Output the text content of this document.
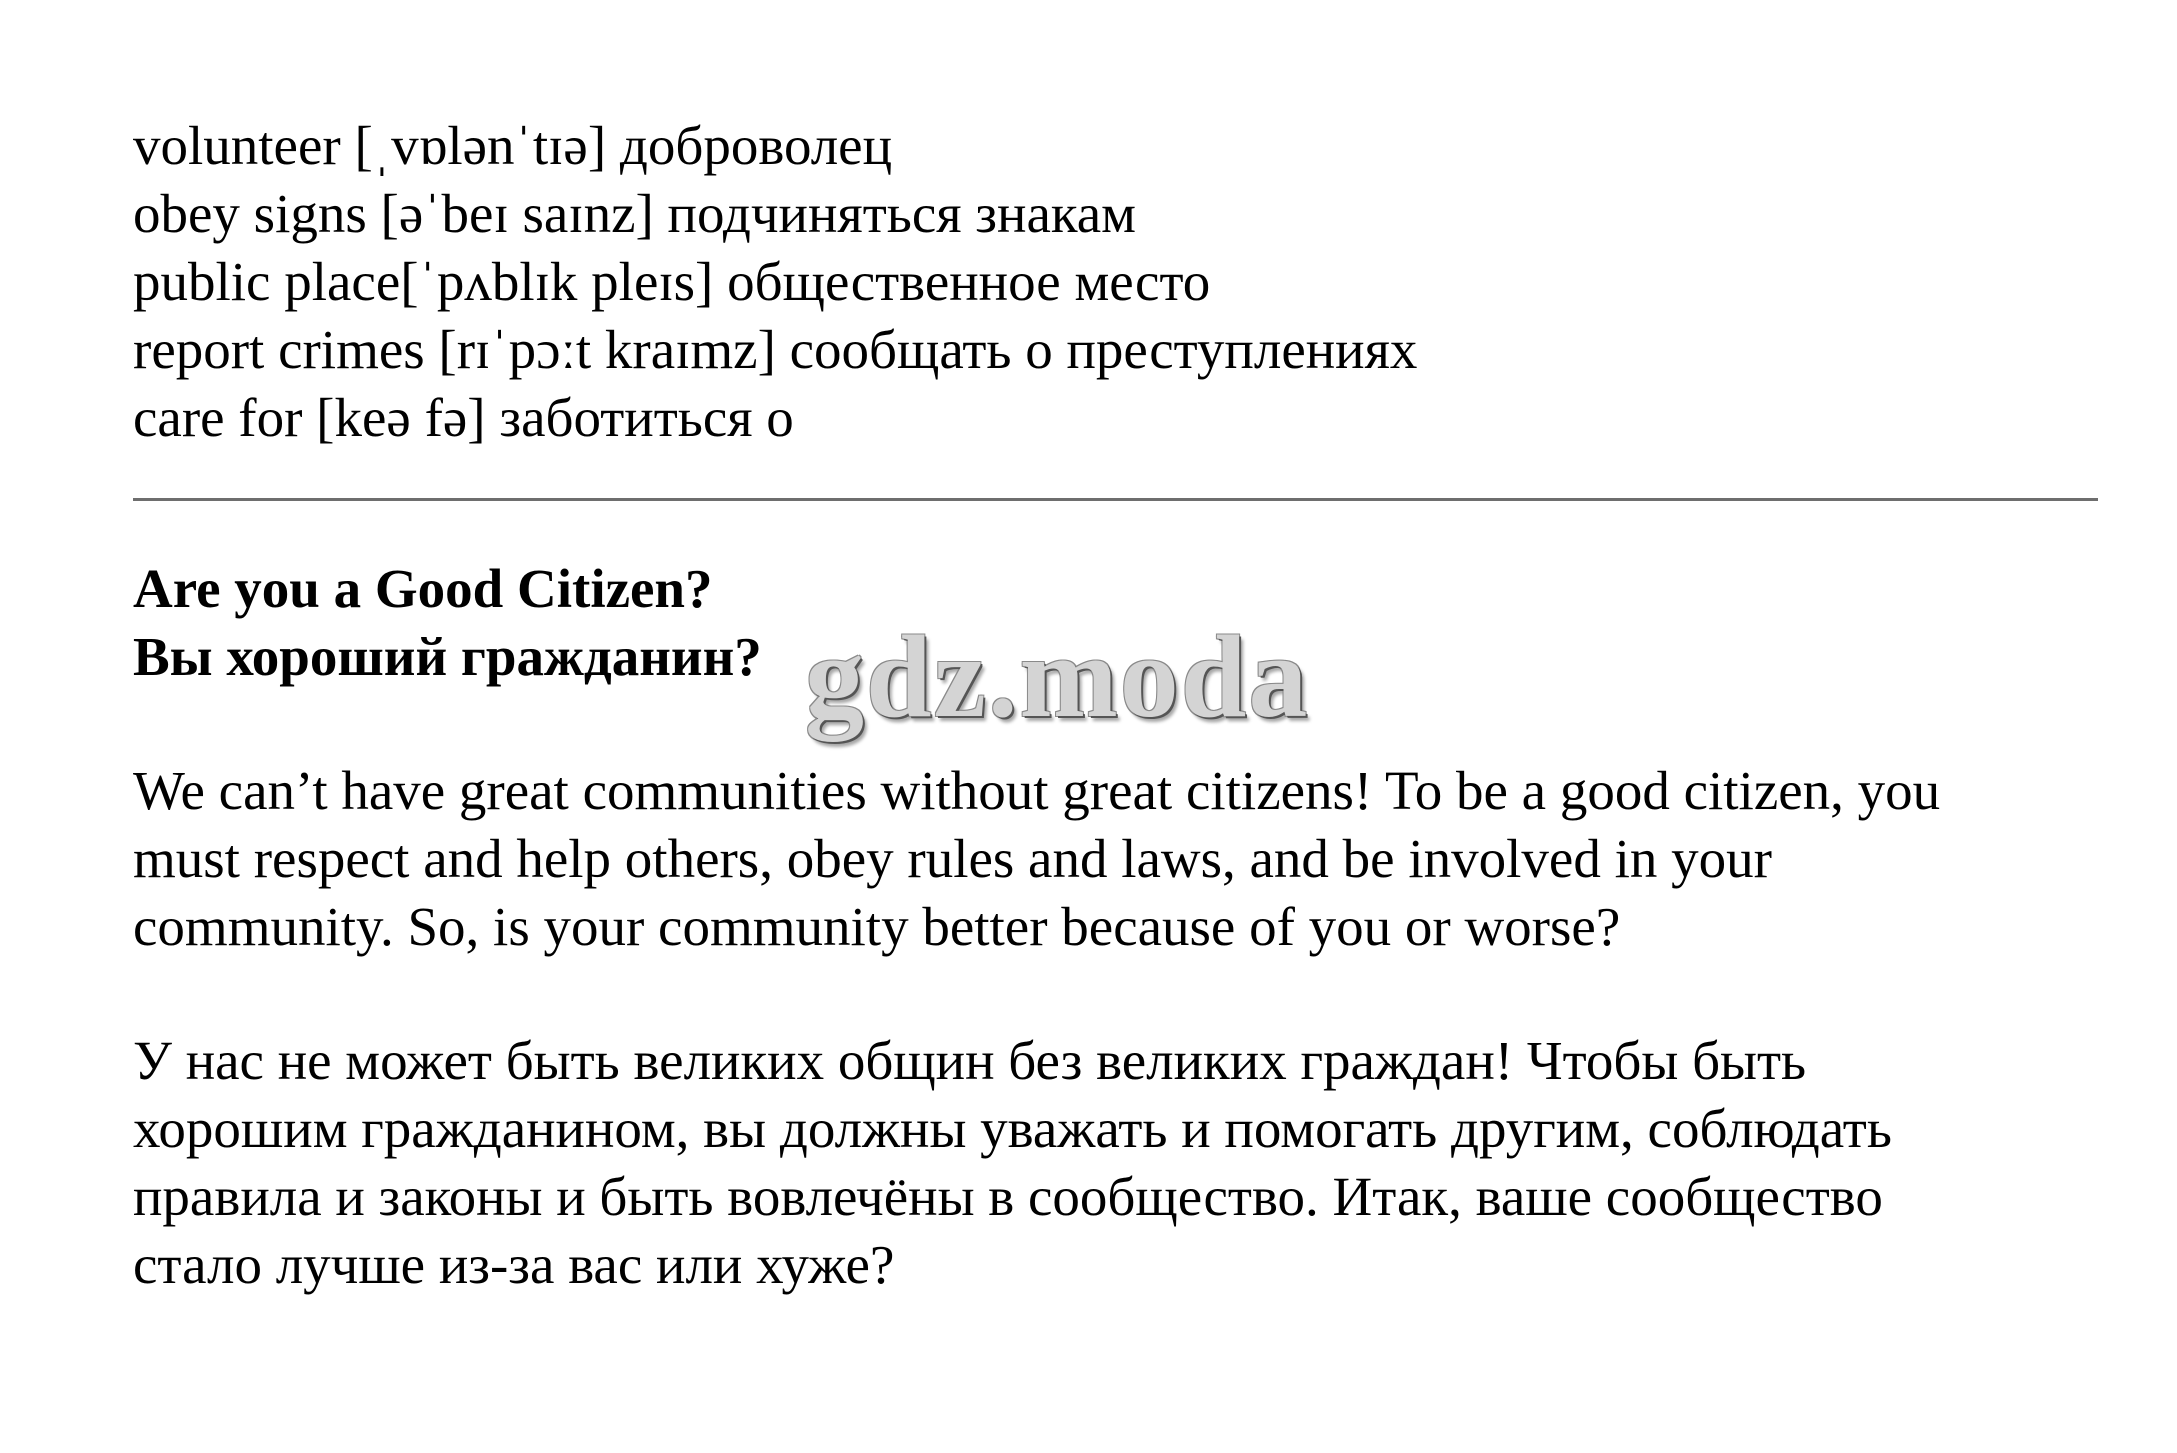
volunteer [ˌvɒlənˈtɪə] доброволец
obey signs [əˈbeɪ saɪnz] подчиняться знакам
public place[ˈpʌblɪk pleɪs] общественное место
report crimes [rɪˈpɔːt kraɪmz] сообщать о преступлениях
care for [keə fə] заботиться о
Are you a Good Citizen?
Вы хороший гражданин? gdz.moda

We can’t have great communities without great citizens! To be a good citizen, you
must respect and help others, obey rules and laws, and be involved in your
community. So, is your community better because of you or worse?

У нас не может быть великих общин без великих граждан! Чтобы быть
хорошим гражданином, вы должны уважать и помогать другим, соблюдать
правила и законы и быть вовлечёны в сообщество. Итак, ваше сообщество
стало лучше из-за вас или хуже?
